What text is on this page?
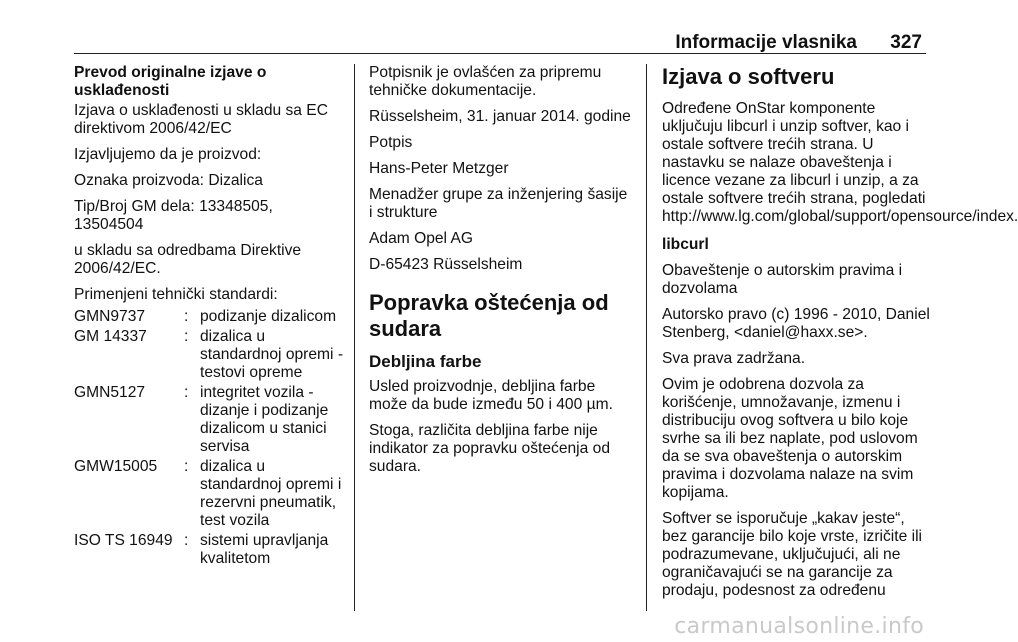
Informacije vlasnika 327
Prevod originalne izjave o usklađenosti

Izjava o usklađenosti u skladu sa EC direktivom 2006/42/EC

Izjavljujemo da je proizvod:

Oznaka proizvoda: Dizalica

Tip/Broj GM dela: 13348505, 13504504

u skladu sa odredbama Direktive 2006/42/EC.

Primenjeni tehnički standardi:

GMN9737	:	podizanje dizalicom
GM 14337	:	dizalica u standardnoj opremi - testovi opreme
GMN5127	:	integritet vozila - dizanje i podizanje dizalicom u stanici servisa
GMW15005	:	dizalica u standardnoj opremi i rezervni pneumatik, test vozila
ISO TS 16949	:	sistemi upravljanja kvalitetom

Potpisnik je ovlašćen za pripremu tehničke dokumentacije.

Rüsselsheim, 31. januar 2014. godine

Potpis

Hans-Peter Metzger

Menadžer grupe za inženjering šasije i strukture

Adam Opel AG

D-65423 Rüsselsheim

Popravka oštećenja od sudara
Debljina farbe

Usled proizvodnje, debljina farbe može da bude između 50 i 400 µm.

Stoga, različita debljina farbe nije indikator za popravku oštećenja od sudara.

Izjava o softveru

Određene OnStar komponente uključuju libcurl i unzip softver, kao i ostale softvere trećih strana. U nastavku se nalaze obaveštenja i licence vezane za libcurl i unzip, a za ostale softvere trećih strana, pogledati http://www.lg.com/global/support/opensource/index.

libcurl

Obaveštenje o autorskim pravima i dozvolama

Autorsko pravo (c) 1996 - 2010, Daniel Stenberg, <daniel@haxx.se>.

Sva prava zadržana.

Ovim je odobrena dozvola za korišćenje, umnožavanje, izmenu i distribuciju ovog softvera u bilo koje svrhe sa ili bez naplate, pod uslovom da se sva obaveštenja o autorskim pravima i dozvolama nalaze na svim kopijama.

Softver se isporučuje „kakav jeste“, bez garancije bilo koje vrste, izričite ili podrazumevane, uključujući, ali ne ograničavajući se na garancije za prodaju, podesnost za određenu

carmanualsonline.info
